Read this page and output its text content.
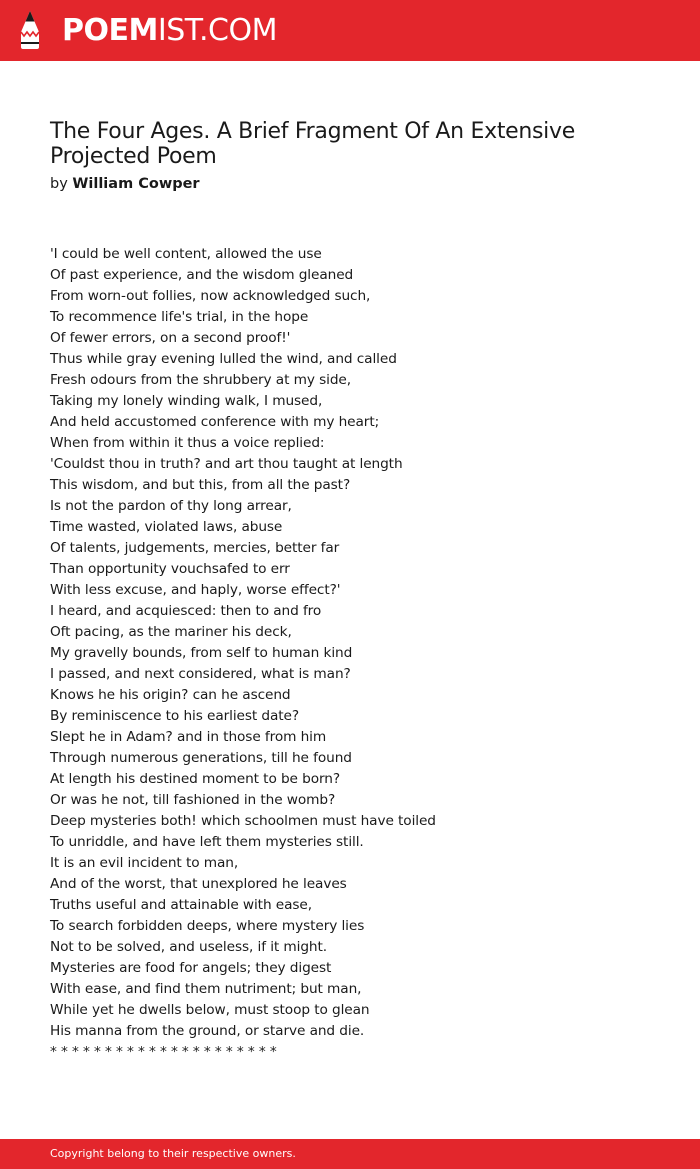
POEMIST.COM
The Four Ages. A Brief Fragment Of An Extensive Projected Poem
by William Cowper
'I could be well content, allowed the use
Of past experience, and the wisdom gleaned
From worn-out follies, now acknowledged such,
To recommence life's trial, in the hope
Of fewer errors, on a second proof!'
Thus while gray evening lulled the wind, and called
Fresh odours from the shrubbery at my side,
Taking my lonely winding walk, I mused,
And held accustomed conference with my heart;
When from within it thus a voice replied:
'Couldst thou in truth? and art thou taught at length
This wisdom, and but this, from all the past?
Is not the pardon of thy long arrear,
Time wasted, violated laws, abuse
Of talents, judgements, mercies, better far
Than opportunity vouchsafed to err
With less excuse, and haply, worse effect?'
I heard, and acquiesced: then to and fro
Oft pacing, as the mariner his deck,
My gravelly bounds, from self to human kind
I passed, and next considered, what is man?
Knows he his origin? can he ascend
By reminiscence to his earliest date?
Slept he in Adam? and in those from him
Through numerous generations, till he found
At length his destined moment to be born?
Or was he not, till fashioned in the womb?
Deep mysteries both! which schoolmen must have toiled
To unriddle, and have left them mysteries still.
It is an evil incident to man,
And of the worst, that unexplored he leaves
Truths useful and attainable with ease,
To search forbidden deeps, where mystery lies
Not to be solved, and useless, if it might.
Mysteries are food for angels; they digest
With ease, and find them nutriment; but man,
While yet he dwells below, must stoop to glean
His manna from the ground, or starve and die.
* * * * * * * * * * * * * * * * * * * * *
Copyright belong to their respective owners.
